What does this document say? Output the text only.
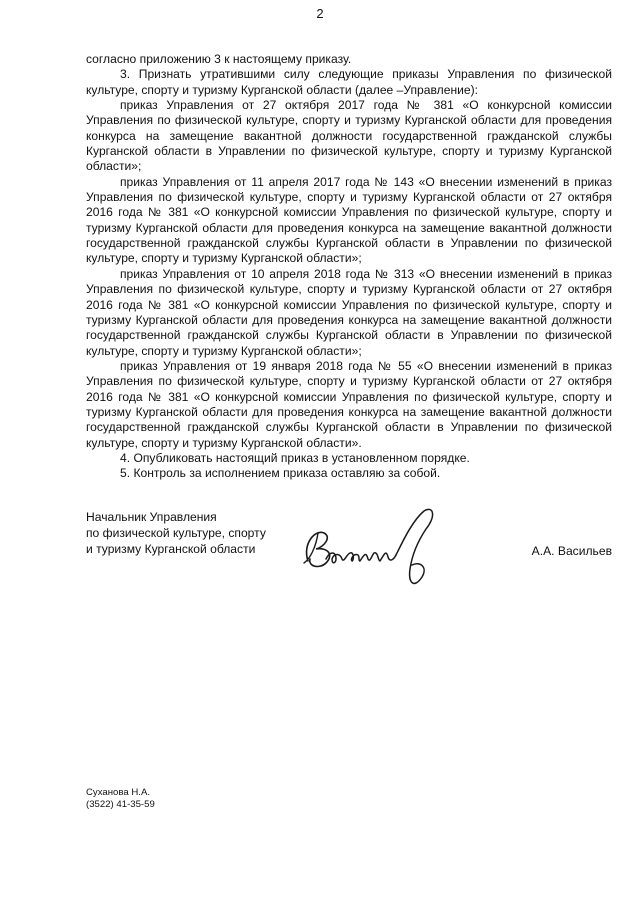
2

согласно приложению 3 к настоящему приказу.

3. Признать утратившими силу следующие приказы Управления по физической культуре, спорту и туризму Курганской области (далее –Управление):

приказ Управления от 27 октября 2017 года № 381 «О конкурсной комиссии Управления по физической культуре, спорту и туризму Курганской области для проведения конкурса на замещение вакантной должности государственной гражданской службы Курганской области в Управлении по физической культуре, спорту и туризму Курганской области»;

приказ Управления от 11 апреля 2017 года № 143 «О внесении изменений в приказ Управления по физической культуре, спорту и туризму Курганской области от 27 октября 2016 года № 381 «О конкурсной комиссии Управления по физической культуре, спорту и туризму Курганской области для проведения конкурса на замещение вакантной должности государственной гражданской службы Курганской области в Управлении по физической культуре, спорту и туризму Курганской области»;

приказ Управления от 10 апреля 2018 года № 313 «О внесении изменений в приказ Управления по физической культуре, спорту и туризму Курганской области от 27 октября 2016 года № 381 «О конкурсной комиссии Управления по физической культуре, спорту и туризму Курганской области для проведения конкурса на замещение вакантной должности государственной гражданской службы Курганской области в Управлении по физической культуре, спорту и туризму Курганской области»;

приказ Управления от 19 января 2018 года № 55 «О внесении изменений в приказ Управления по физической культуре, спорту и туризму Курганской области от 27 октября 2016 года № 381 «О конкурсной комиссии Управления по физической культуре, спорту и туризму Курганской области для проведения конкурса на замещение вакантной должности государственной гражданской службы Курганской области в Управлении по физической культуре, спорту и туризму Курганской области».

4. Опубликовать настоящий приказ в установленном порядке.

5. Контроль за исполнением приказа оставляю за собой.

Начальник Управления
по физической культуре, спорту
и туризму Курганской области	А.А. Васильев
Суханова Н.А.
(3522) 41-35-59
